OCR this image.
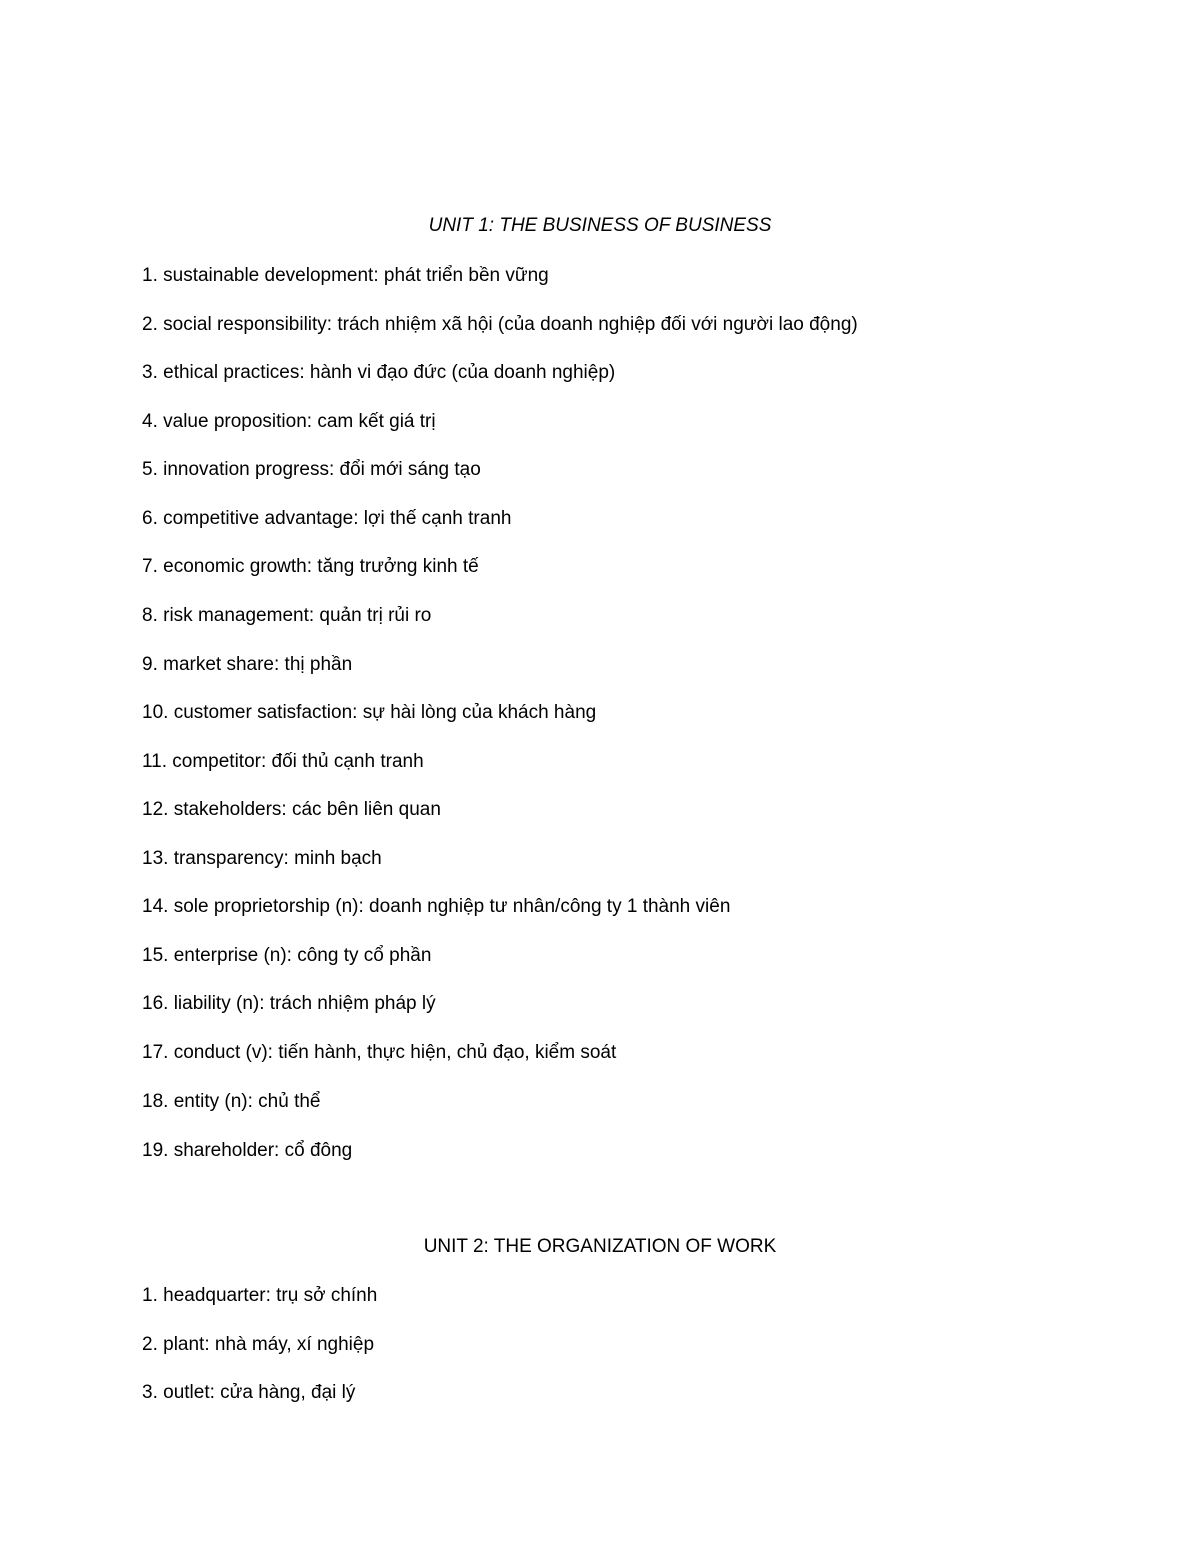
UNIT 1: THE BUSINESS OF BUSINESS
1. sustainable development: phát triển bền vững
2. social responsibility: trách nhiệm xã hội (của doanh nghiệp đối với người lao động)
3. ethical practices: hành vi đạo đức (của doanh nghiệp)
4. value proposition: cam kết giá trị
5. innovation progress: đổi mới sáng tạo
6. competitive advantage: lợi thế cạnh tranh
7. economic growth: tăng trưởng kinh tế
8. risk management: quản trị rủi ro
9. market share: thị phần
10. customer satisfaction: sự hài lòng của khách hàng
11. competitor: đối thủ cạnh tranh
12. stakeholders: các bên liên quan
13. transparency: minh bạch
14. sole proprietorship (n): doanh nghiệp tư nhân/công ty 1 thành viên
15. enterprise (n): công ty cổ phần
16. liability (n): trách nhiệm pháp lý
17. conduct (v): tiến hành, thực hiện, chủ đạo, kiểm soát
18. entity (n): chủ thể
19. shareholder: cổ đông
UNIT 2: THE ORGANIZATION OF WORK
1. headquarter: trụ sở chính
2. plant: nhà máy, xí nghiệp
3. outlet: cửa hàng, đại lý
